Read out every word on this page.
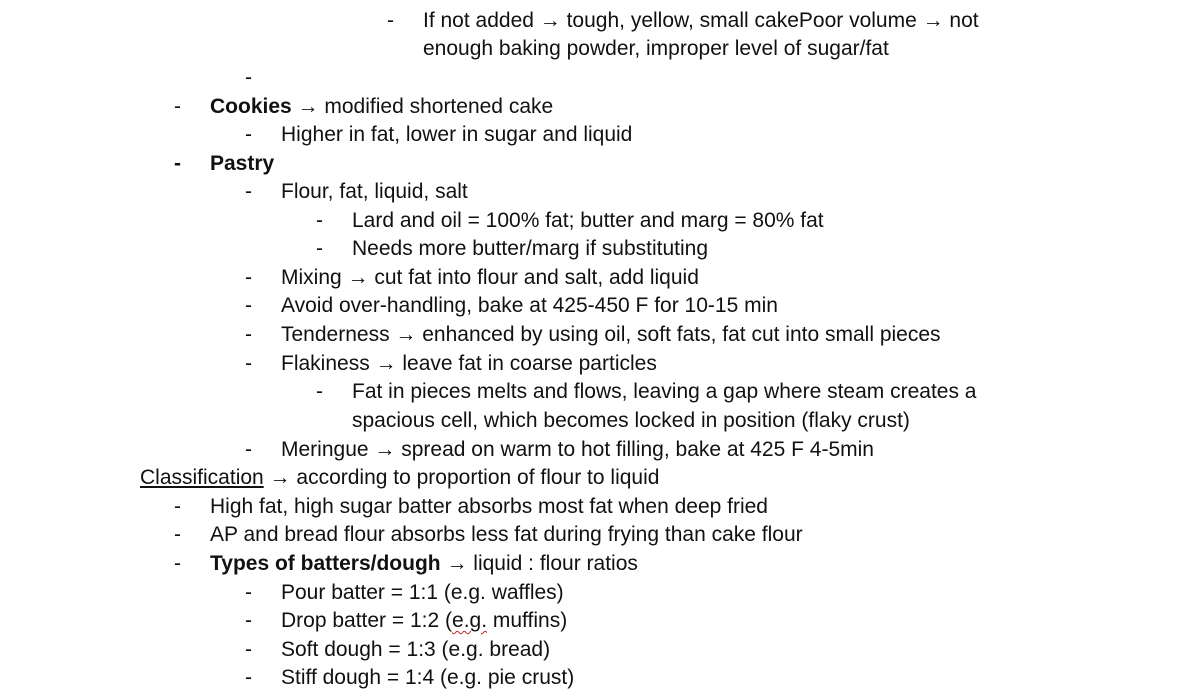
- If not added → tough, yellow, small cakePoor volume → not
enough baking powder, improper level of sugar/fat
-
- Cookies → modified shortened cake
- Higher in fat, lower in sugar and liquid
- Pastry
- Flour, fat, liquid, salt
- Lard and oil = 100% fat; butter and marg = 80% fat
- Needs more butter/marg if substituting
- Mixing → cut fat into flour and salt, add liquid
- Avoid over-handling, bake at 425-450 F for 10-15 min
- Tenderness → enhanced by using oil, soft fats, fat cut into small pieces
- Flakiness → leave fat in coarse particles
- Fat in pieces melts and flows, leaving a gap where steam creates a
spacious cell, which becomes locked in position (flaky crust)
- Meringue → spread on warm to hot filling, bake at 425 F 4-5min
Classification → according to proportion of flour to liquid
- High fat, high sugar batter absorbs most fat when deep fried
- AP and bread flour absorbs less fat during frying than cake flour
- Types of batters/dough → liquid : flour ratios
- Pour batter = 1:1 (e.g. waffles)
- Drop batter = 1:2 (e.g. muffins)
- Soft dough = 1:3 (e.g. bread)
- Stiff dough = 1:4 (e.g. pie crust)
